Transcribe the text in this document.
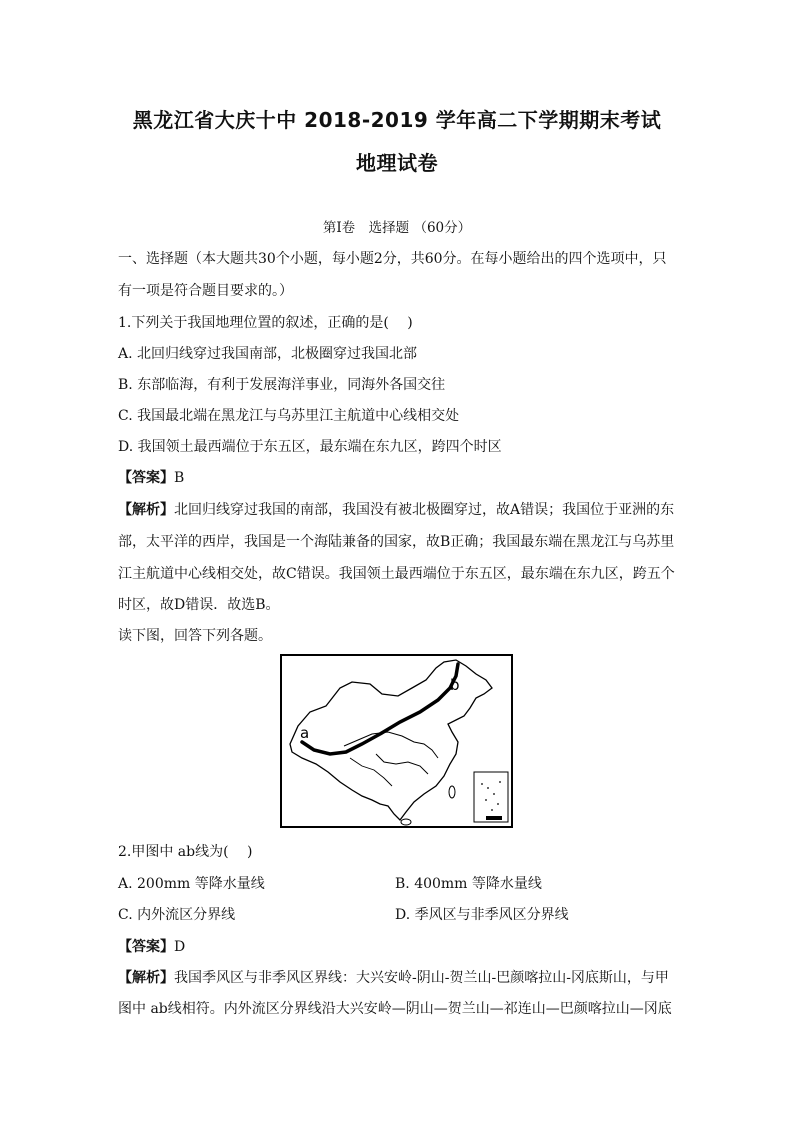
黑龙江省大庆十中 2018-2019 学年高二下学期期末考试
地理试卷
第Ⅰ卷　选择题 （60分）
一、选择题（本大题共30个小题，每小题2分，共60分。在每小题给出的四个选项中，只
有一项是符合题目要求的。）
1.下列关于我国地理位置的叙述，正确的是(　 )
A. 北回归线穿过我国南部，北极圈穿过我国北部
B. 东部临海，有利于发展海洋事业，同海外各国交往
C. 我国最北端在黑龙江与乌苏里江主航道中心线相交处
D. 我国领土最西端位于东五区，最东端在东九区，跨四个时区
【答案】B
【解析】北回归线穿过我国的南部，我国没有被北极圈穿过，故A错误；我国位于亚洲的东
部，太平洋的西岸，我国是一个海陆兼备的国家，故B正确；我国最东端在黑龙江与乌苏里
江主航道中心线相交处，故C错误。我国领土最西端位于东五区，最东端在东九区，跨五个
时区，故D错误．故选B。
读下图，回答下列各题。
a
b
2.甲图中 ab线为(　 )
A. 200mm 等降水量线	B. 400mm 等降水量线
C. 内外流区分界线	D. 季风区与非季风区分界线
【答案】D
【解析】我国季风区与非季风区界线：大兴安岭-阴山-贺兰山-巴颜喀拉山-冈底斯山，与甲
图中 ab线相符。内外流区分界线沿大兴安岭—阴山—贺兰山—祁连山—巴颜喀拉山—冈底
